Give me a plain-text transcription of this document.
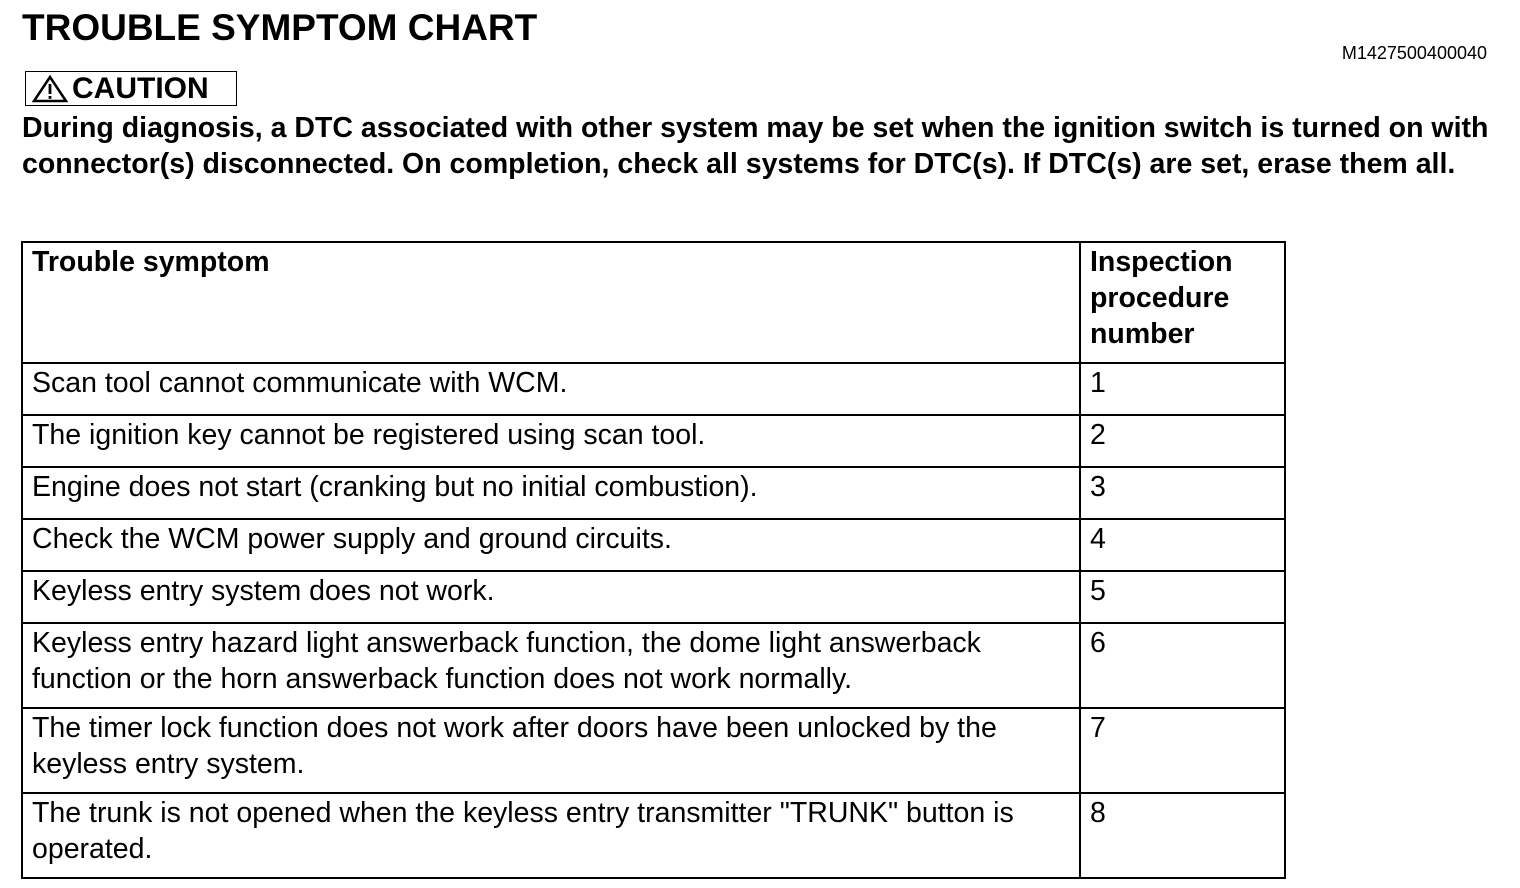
TROUBLE SYMPTOM CHART
M1427500400040
CAUTION
During diagnosis, a DTC associated with other system may be set when the ignition switch is turned on with connector(s) disconnected. On completion, check all systems for DTC(s). If DTC(s) are set, erase them all.
Trouble symptom	Inspection procedure number
Scan tool cannot communicate with WCM.	1
The ignition key cannot be registered using scan tool.	2
Engine does not start (cranking but no initial combustion).	3
Check the WCM power supply and ground circuits.	4
Keyless entry system does not work.	5
Keyless entry hazard light answerback function, the dome light answerback function or the horn answerback function does not work normally.	6
The timer lock function does not work after doors have been unlocked by the keyless entry system.	7
The trunk is not opened when the keyless entry transmitter "TRUNK" button is operated.	8
